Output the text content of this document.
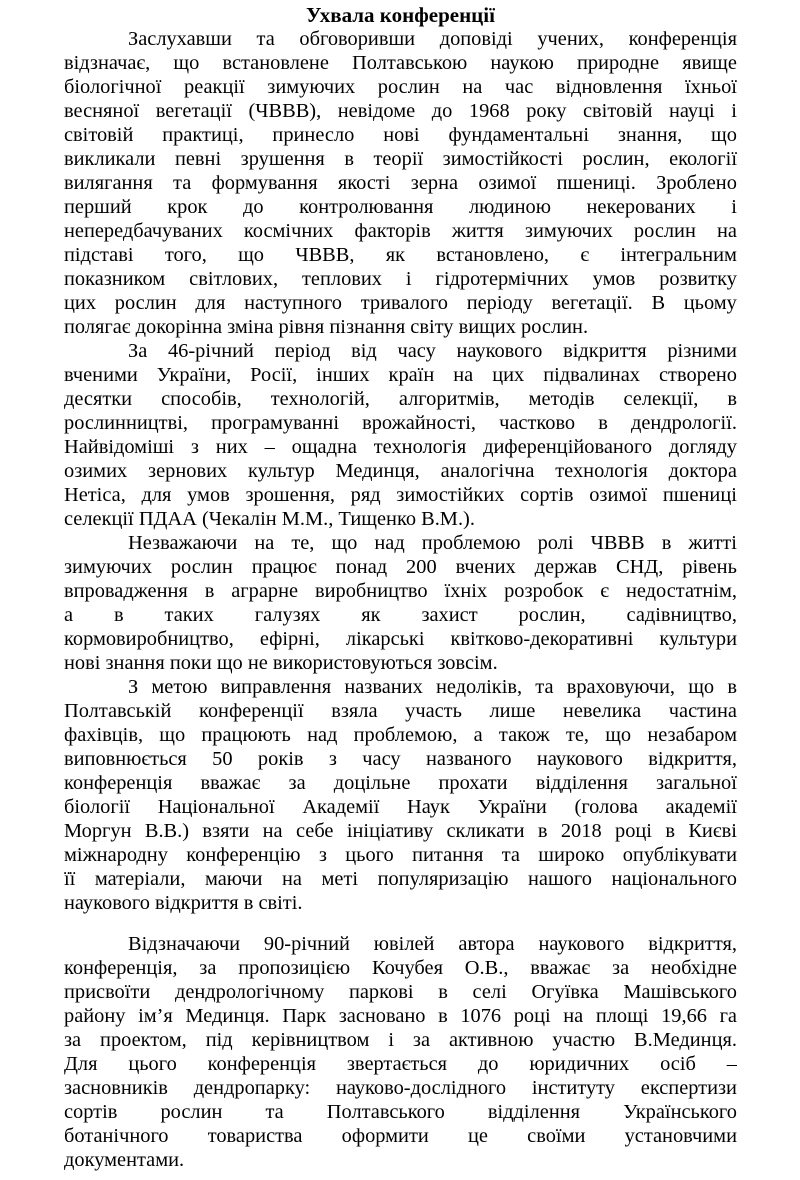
Ухвала конференції
Заслухавши та обговоривши доповіді учених, конференція
відзначає, що встановлене Полтавською наукою природне явище
біологічної реакції зимуючих рослин на час відновлення їхньої
весняної вегетації (ЧВВВ), невідоме до 1968 року світовій науці і
світовій практиці, принесло нові фундаментальні знання, що
викликали певні зрушення в теорії зимостійкості рослин, екології
вилягання та формування якості зерна озимої пшениці. Зроблено
перший крок до контролювання людиною некерованих і
непередбачуваних космічних факторів життя зимуючих рослин на
підставі того, що ЧВВВ, як встановлено, є інтегральним
показником світлових, теплових і гідротермічних умов розвитку
цих рослин для наступного тривалого періоду вегетації. В цьому
полягає докорінна зміна рівня пізнання світу вищих рослин.
За 46-річний період від часу наукового відкриття різними
вченими України, Росії, інших країн на цих підвалинах створено
десятки способів, технологій, алгоритмів, методів селекції, в
рослинництві, програмуванні врожайності, частково в дендрології.
Найвідоміші з них – ощадна технологія диференційованого догляду
озимих зернових культур Мединця, аналогічна технологія доктора
Нетіса, для умов зрошення, ряд зимостійких сортів озимої пшениці
селекції ПДАА (Чекалін М.М., Тищенко В.М.).
Незважаючи на те, що над проблемою ролі ЧВВВ в житті
зимуючих рослин працює понад 200 вчених держав СНД, рівень
впровадження в аграрне виробництво їхніх розробок є недостатнім,
а в таких галузях як захист рослин, садівництво,
кормовиробництво, ефірні, лікарські квітково-декоративні культури
нові знання поки що не використовуються зовсім.
З метою виправлення названих недоліків, та враховуючи, що в
Полтавській конференції взяла участь лише невелика частина
фахівців, що працюють над проблемою, а також те, що незабаром
виповнюється 50 років з часу названого наукового відкриття,
конференція вважає за доцільне прохати відділення загальної
біології Національної Академії Наук України (голова академії
Моргун В.В.) взяти на себе ініціативу скликати в 2018 році в Києві
міжнародну конференцію з цього питання та широко опублікувати
її матеріали, маючи на меті популяризацію нашого національного
наукового відкриття в світі.
Відзначаючи 90-річний ювілей автора наукового відкриття,
конференція, за пропозицією Кочубея О.В., вважає за необхідне
присвоїти дендрологічному паркові в селі Огуївка Машівського
району ім’я Мединця. Парк засновано в 1076 році на площі 19,66 га
за проектом, під керівництвом і за активною участю В.Мединця.
Для цього конференція звертається до юридичних осіб –
засновників дендропарку: науково-дослідного інституту експертизи
сортів рослин та Полтавського відділення Українського
ботанічного товариства оформити це своїми установчими
документами.
